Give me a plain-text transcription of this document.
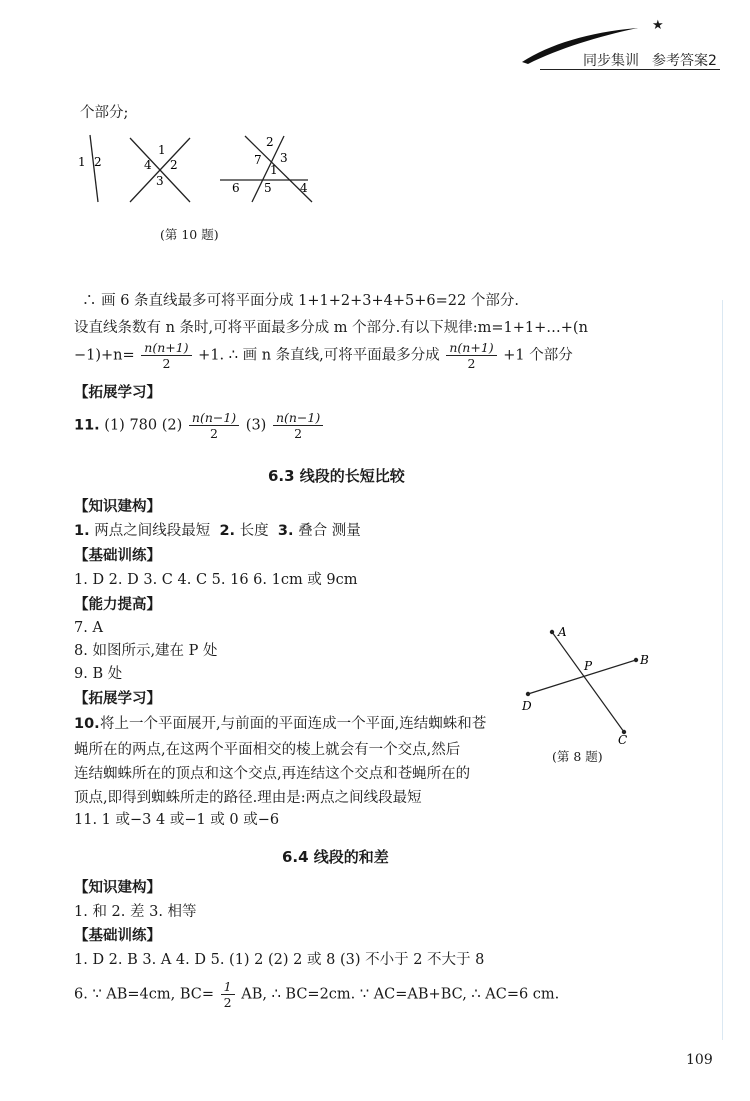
★
同步集训 参考答案2
个部分;
1 2
1
2
3
4	1
2
3
4
5
6
7
(第 10 题)
∴ 画 6 条直线最多可将平面分成 1+1+2+3+4+5+6=22 个部分.
设直线条数有 n 条时,可将平面最多分成 m 个部分.有以下规律:m=1+1+…+(n
$-1)+n= \frac{n(n+1)}{2} +1$. ∴ 画 n 条直线,可将平面最多分成 $\frac{n(n+1)}{2} +1$ 个部分
【拓展学习】
11. (1) 780 $(2) \frac{n(n-1)}{2} (3) \frac{n(n-1)}{2}$
6.3 线段的长短比较
【知识建构】
1. 两点之间线段最短 2. 长度 3. 叠合 测量
【基础训练】
1. D 2. D 3. C 4. C 5. 16 6. 1cm 或 9cm
【能力提高】
7. A
8. 如图所示,建在 P 处
9. B 处
【拓展学习】
10. 将上一个平面展开,与前面的平面连成一个平面,连结蜘蛛和苍
蝇所在的两点,在这两个平面相交的棱上就会有一个交点,然后
连结蜘蛛所在的顶点和这个交点,再连结这个交点和苍蝇所在的
顶点,即得到蜘蛛所走的路径.理由是:两点之间线段最短
11. 1 或−3 4 或−1 或 0 或−6
A
B
C
D
P
(第 8 题)
6.4 线段的和差
【知识建构】
1. 和 2. 差 3. 相等
【基础训练】
1. D 2. B 3. A 4. D 5. (1) 2 (2) 2 或 8 (3) 不小于 2 不大于 8
6. ∵ AB=4cm, $BC= \frac{1}{2}$ AB, ∴ BC=2cm. ∵ AC=AB+BC, ∴ AC=6 cm.
109
